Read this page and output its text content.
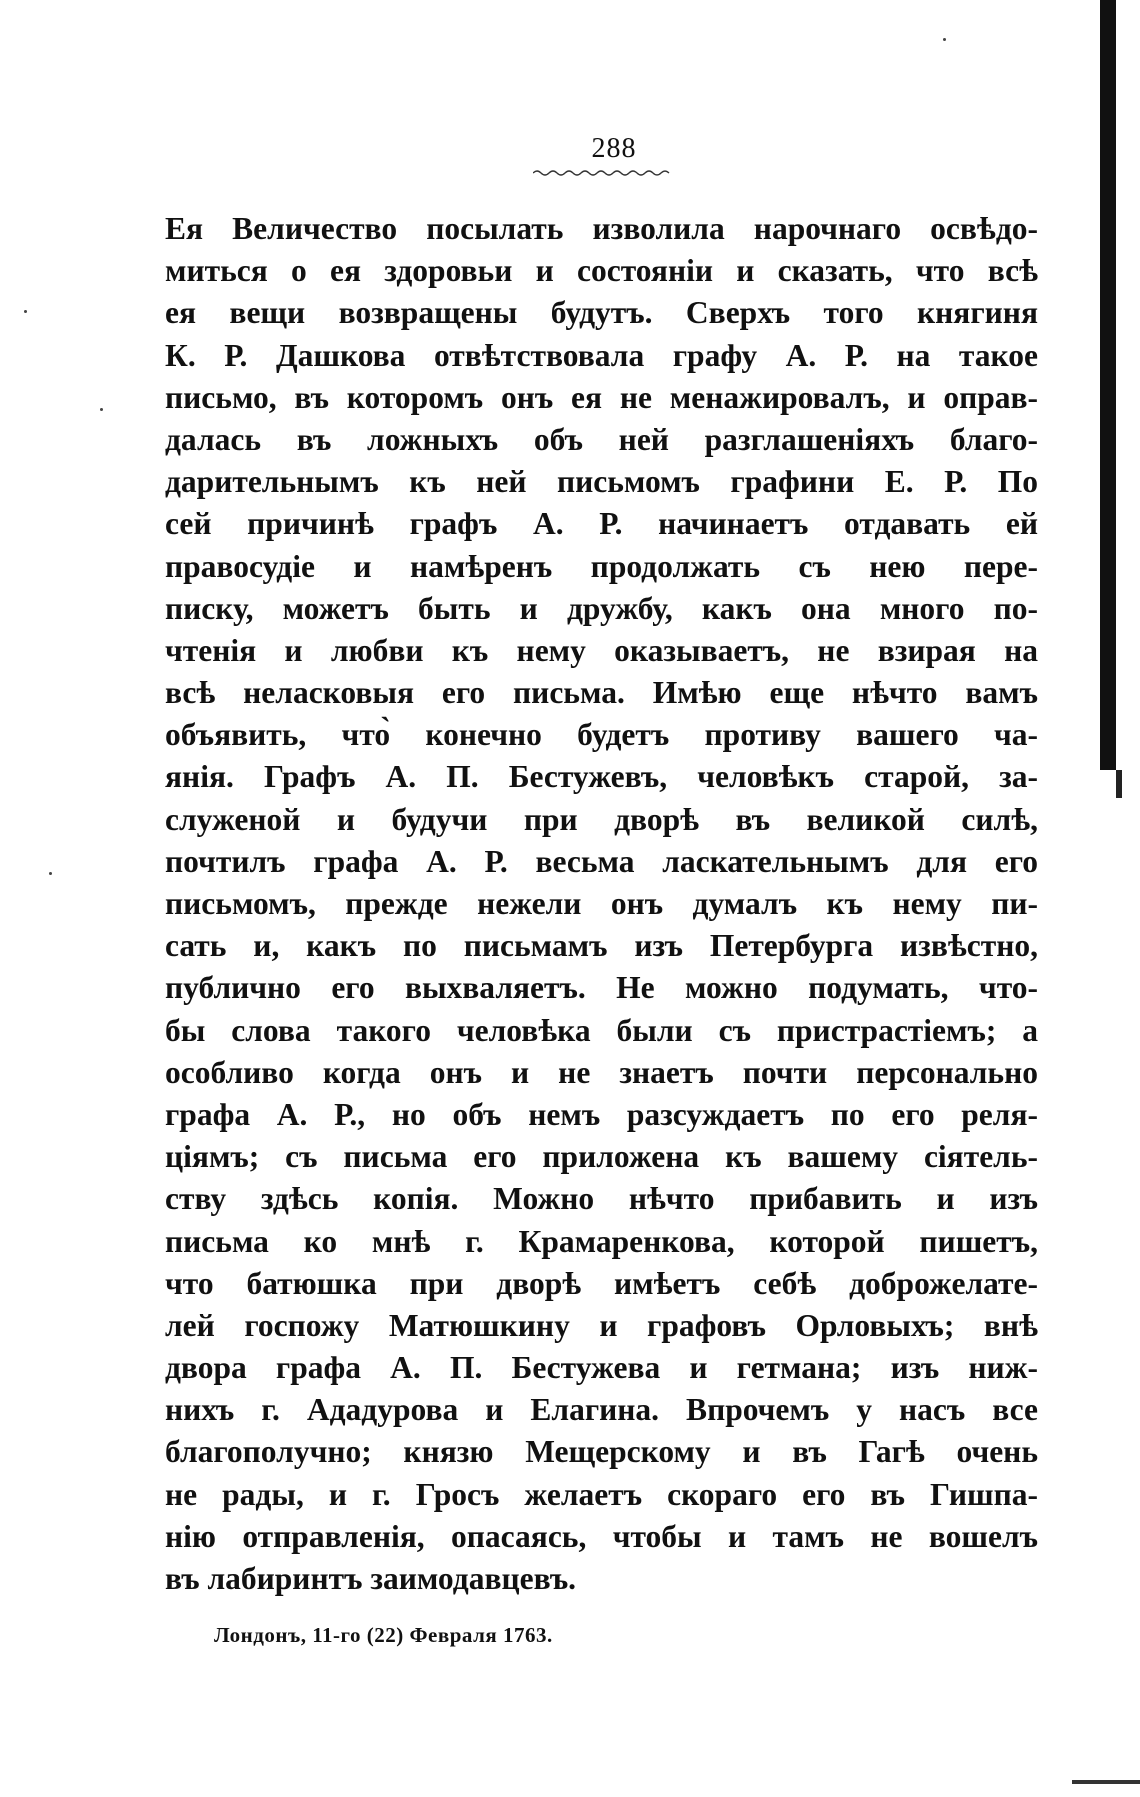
288
Ея Величество посылать изволила нарочнаго освѣдо-
миться о ея здоровьи и состояніи и сказать, что всѣ
ея вещи возвращены будутъ. Сверхъ того княгиня
К. Р. Дашкова отвѣтствовала графу А. Р. на такое
письмо, въ которомъ онъ ея не менажировалъ, и оправ-
далась въ ложныхъ объ ней разглашеніяхъ благо-
дарительнымъ къ ней письмомъ графини Е. Р. По
сей причинѣ графъ А. Р. начинаетъ отдавать ей
правосудіе и намѣренъ продолжать съ нею пере-
писку, можетъ быть и дружбу, какъ она много по-
чтенія и любви къ нему оказываетъ, не взирая на
всѣ неласковыя его письма. Имѣю еще нѣчто вамъ
объявить, что̀ конечно будетъ противу вашего ча-
янія. Графъ А. П. Бестужевъ, человѣкъ старой, за-
служеной и будучи при дворѣ въ великой силѣ,
почтилъ графа А. Р. весьма ласкательнымъ для его
письмомъ, прежде нежели онъ думалъ къ нему пи-
сать и, какъ по письмамъ изъ Петербурга извѣстно,
публично его выхваляетъ. Не можно подумать, что-
бы слова такого человѣка были съ пристрастіемъ; а
особливо когда онъ и не знаетъ почти персонально
графа А. Р., но объ немъ разсуждаетъ по его реля-
ціямъ; съ письма его приложена къ вашему сіятель-
ству здѣсь копія. Можно нѣчто прибавить и изъ
письма ко мнѣ г. Крамаренкова, которой пишетъ,
что батюшка при дворѣ имѣетъ себѣ доброжелате-
лей госпожу Матюшкину и графовъ Орловыхъ; внѣ
двора графа А. П. Бестужева и гетмана; изъ ниж-
нихъ г. Ададурова и Елагина. Впрочемъ у насъ все
благополучно; князю Мещерскому и въ Гагѣ очень
не рады, и г. Гросъ желаетъ скораго его въ Гишпа-
нію отправленія, опасаясь, чтобы и тамъ не вошелъ
въ лабиринтъ заимодавцевъ.
Лондонъ, 11-го (22) Февраля 1763.
